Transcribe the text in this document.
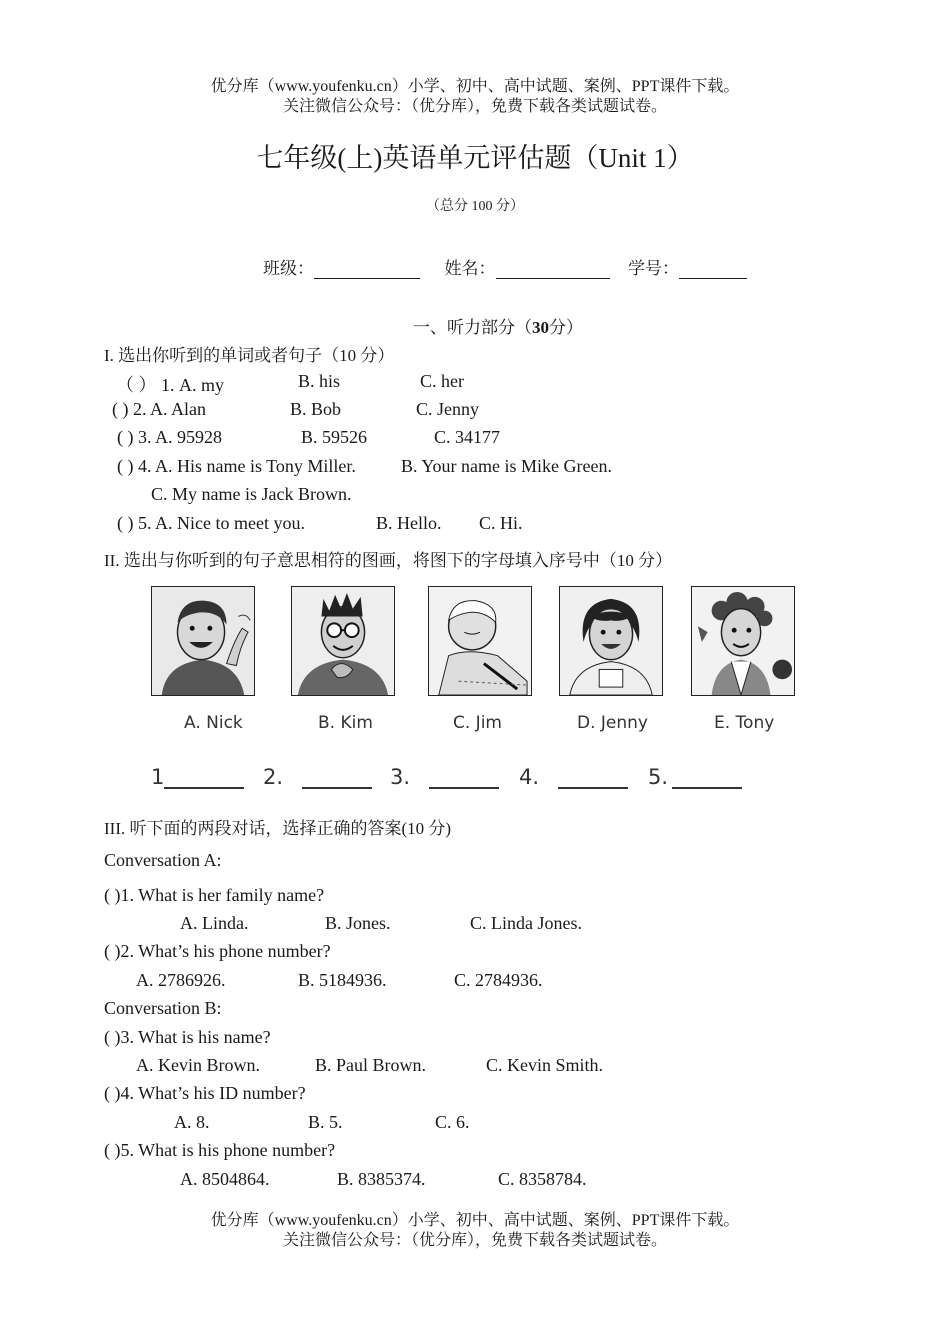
优分库（www.youfenku.cn）小学、初中、高中试题、案例、PPT课件下载。
关注微信公众号：（优分库），免费下载各类试题试卷。
七年级(上)英语单元评估题（Unit 1）
（总分 100 分）
班级：	姓名：	学号：
一、听力部分（30分）
I. 选出你听到的单词或者句子（10 分）
（ ） 1. A. my	B. his	C. her
( ) 2. A. Alan	B. Bob	C. Jenny
( ) 3. A. 95928	B. 59526	C. 34177
( ) 4. A. His name is Tony Miller.	B. Your name is Mike Green.
C. My name is Jack Brown.
( ) 5. A. Nice to meet you.	B. Hello. C. Hi.
II. 选出与你听到的句子意思相符的图画，将图下的字母填入序号中（10 分）
A. Nick	B. Kim	C. Jim	D. Jenny	E. Tony
1	2.	3.	4.	5.
III. 听下面的两段对话，选择正确的答案(10 分)
Conversation A:
( )1. What is her family name?
A. Linda.	B. Jones.	C. Linda Jones.
( )2. What’s his phone number?
A. 2786926.	B. 5184936.	C. 2784936.
Conversation B:
( )3. What is his name?
A. Kevin Brown.	B. Paul Brown.	C. Kevin Smith.
( )4. What’s his ID number?
A. 8.	B. 5.	C. 6.
( )5. What is his phone number?
A. 8504864.	B. 8385374.	C. 8358784.
优分库（www.youfenku.cn）小学、初中、高中试题、案例、PPT课件下载。
关注微信公众号：（优分库），免费下载各类试题试卷。
